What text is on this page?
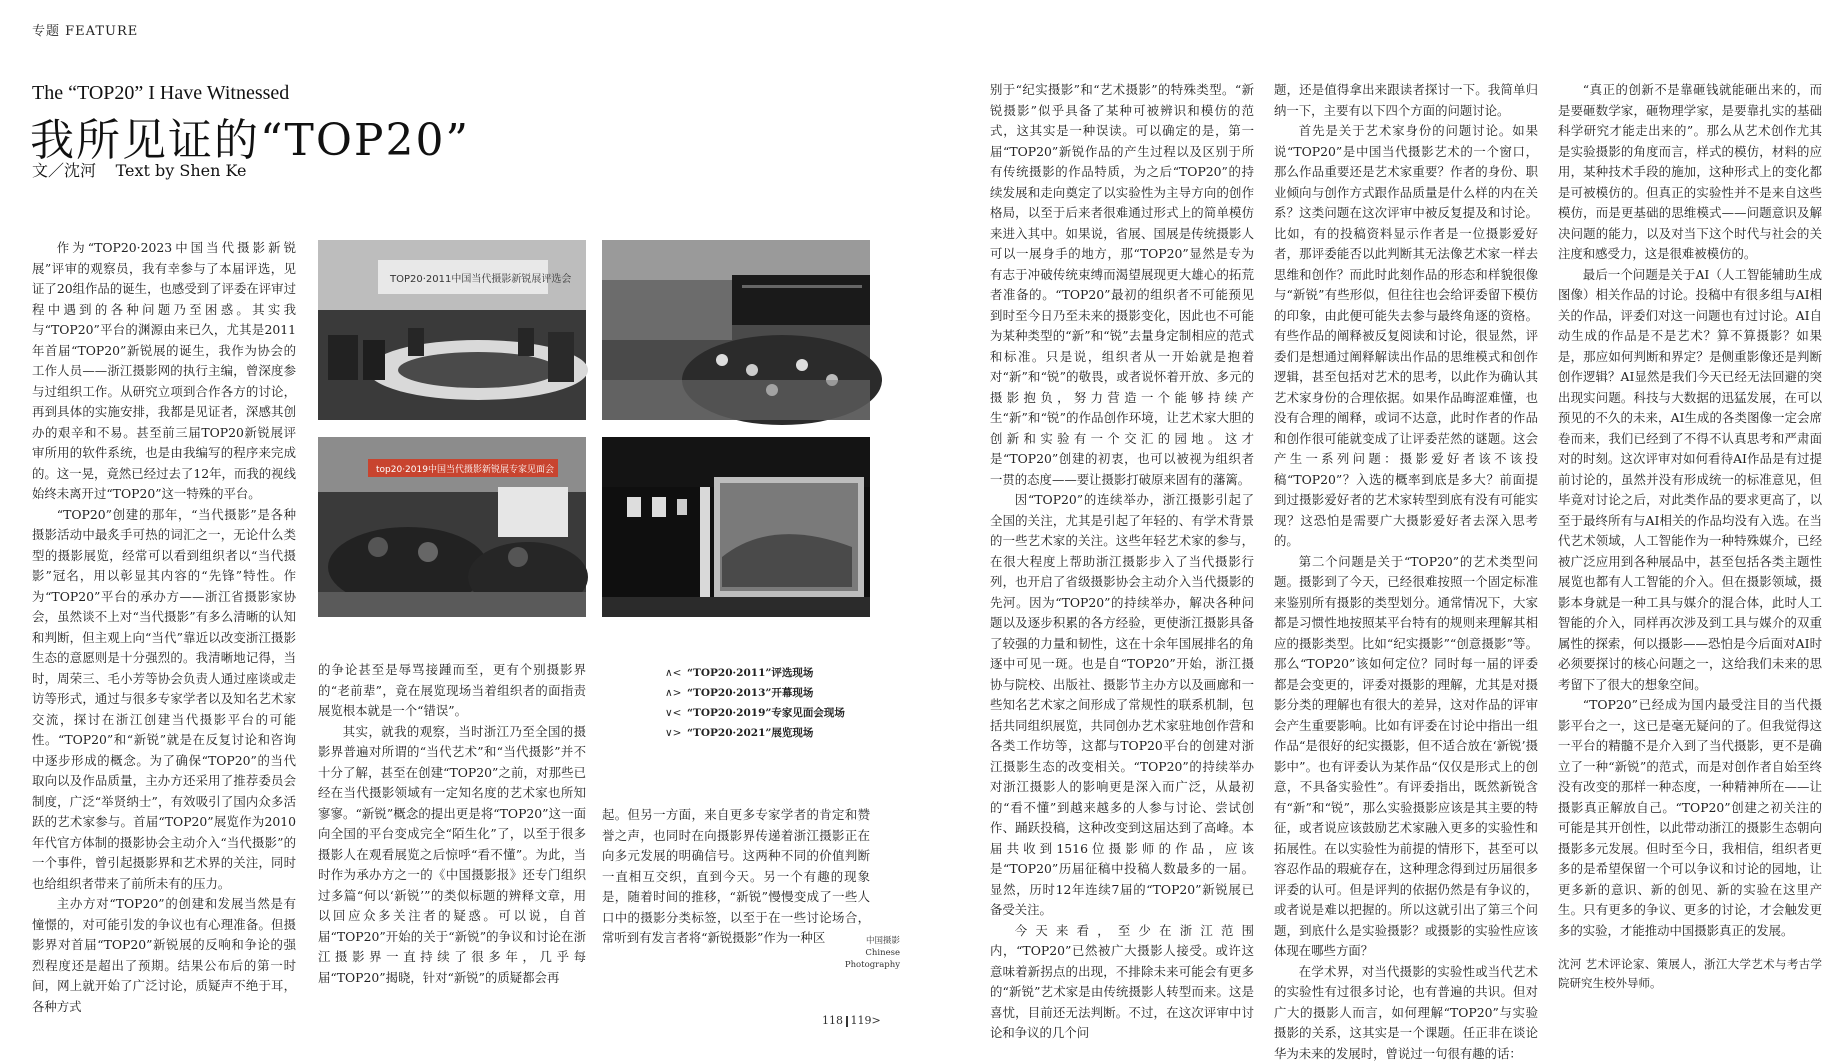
专题 FEATURE
The “TOP20” I Have Witnessed
我所见证的“TOP20”
文／沈河 Text by Shen Ke

作为“TOP20·2023中国当代摄影新锐展”评审的观察员，我有幸参与了本届评选，见证了20组作品的诞生，也感受到了评委在评审过程中遇到的各种问题乃至困惑。其实我与“TOP20”平台的渊源由来已久，尤其是2011年首届“TOP20”新锐展的诞生，我作为协会的工作人员——浙江摄影网的执行主编，曾深度参与过组织工作。从研究立项到合作各方的讨论，再到具体的实施安排，我都是见证者，深感其创办的艰辛和不易。甚至前三届TOP20新锐展评审所用的软件系统，也是由我编写的程序来完成的。这一晃，竟然已经过去了12年，而我的视线始终未离开过“TOP20”这一特殊的平台。

“TOP20”创建的那年，“当代摄影”是各种摄影活动中最炙手可热的词汇之一，无论什么类型的摄影展览，经常可以看到组织者以“当代摄影”冠名，用以彰显其内容的“先锋”特性。作为“TOP20”平台的承办方——浙江省摄影家协会，虽然谈不上对“当代摄影”有多么清晰的认知和判断，但主观上向“当代”靠近以改变浙江摄影生态的意愿则是十分强烈的。我清晰地记得，当时，周荣三、毛小芳等协会负责人通过座谈或走访等形式，通过与很多专家学者以及知名艺术家交流，探讨在浙江创建当代摄影平台的可能性。“TOP20”和“新锐”就是在反复讨论和咨询中逐步形成的概念。为了确保“TOP20”的当代取向以及作品质量，主办方还采用了推荐委员会制度，广泛“举贤纳士”，有效吸引了国内众多活跃的艺术家参与。首届“TOP20”展览作为2010年代官方体制的摄影协会主动介入“当代摄影”的一个事件，曾引起摄影界和艺术界的关注，同时也给组织者带来了前所未有的压力。

主办方对“TOP20”的创建和发展当然是有憧憬的，对可能引发的争议也有心理准备。但摄影界对首届“TOP20”新锐展的反响和争论的强烈程度还是超出了预期。结果公布后的第一时间，网上就开始了广泛讨论，质疑声不绝于耳，各种方式

TOP20·2011中国当代摄影新锐展评选会
top20·2019中国当代摄影新锐展专家见面会

的争论甚至是辱骂接踵而至，更有个别摄影界的“老前辈”，竟在展览现场当着组织者的面指责展览根本就是一个“错误”。

其实，就我的观察，当时浙江乃至全国的摄影界普遍对所谓的“当代艺术”和“当代摄影”并不十分了解，甚至在创建“TOP20”之前，对那些已经在当代摄影领域有一定知名度的艺术家也所知寥寥。“新锐”概念的提出更是将“TOP20”这一面向全国的平台变成完全“陌生化”了，以至于很多摄影人在观看展览之后惊呼“看不懂”。为此，当时作为承办方之一的《中国摄影报》还专门组织过多篇“何以‘新锐’”的类似标题的辨释文章，用以回应众多关注者的疑惑。可以说，自首届“TOP20”开始的关于“新锐”的争议和讨论在浙江摄影界一直持续了很多年，几乎每届“TOP20”揭晓，针对“新锐”的质疑都会再

∧< “TOP20·2011”评选现场
∧> “TOP20·2013”开幕现场
∨< “TOP20·2019”专家见面会现场
∨> “TOP20·2021”展览现场

起。但另一方面，来自更多专家学者的肯定和赞誉之声，也同时在向摄影界传递着浙江摄影正在向多元发展的明确信号。这两种不同的价值判断一直相互交织，直到今天。另一个有趣的现象是，随着时间的推移，“新锐”慢慢变成了一些人口中的摄影分类标签，以至于在一些讨论场合，常听到有发言者将“新锐摄影”作为一种区	中国摄影
Chinese
Photography

别于“纪实摄影”和“艺术摄影”的特殊类型。“新锐摄影”似乎具备了某种可被辨识和模仿的范式，这其实是一种误读。可以确定的是，第一届“TOP20”新锐作品的产生过程以及区别于所有传统摄影的作品特质，为之后“TOP20”的持续发展和走向奠定了以实验性为主导方向的创作格局，以至于后来者很难通过形式上的简单模仿来进入其中。如果说，省展、国展是传统摄影人可以一展身手的地方，那“TOP20”显然是专为有志于冲破传统束缚而渴望展现更大雄心的拓荒者准备的。“TOP20”最初的组织者不可能预见到时至今日乃至未来的摄影变化，因此也不可能为某种类型的“新”和“锐”去量身定制相应的范式和标准。只是说，组织者从一开始就是抱着对“新”和“锐”的敬畏，或者说怀着开放、多元的摄影抱负，努力营造一个能够持续产生“新”和“锐”的作品创作环境，让艺术家大胆的创新和实验有一个交汇的园地。这才是“TOP20”创建的初衷，也可以被视为组织者一贯的态度——要让摄影打破原来固有的藩篱。

因“TOP20”的连续举办，浙江摄影引起了全国的关注，尤其是引起了年轻的、有学术背景的一些艺术家的关注。这些年轻艺术家的参与，在很大程度上帮助浙江摄影步入了当代摄影行列，也开启了省级摄影协会主动介入当代摄影的先河。因为“TOP20”的持续举办，解决各种问题以及逐步积累的各方经验，更使浙江摄影具备了较强的力量和韧性，这在十余年国展排名的角逐中可见一斑。也是自“TOP20”开始，浙江摄协与院校、出版社、摄影节主办方以及画廊和一些知名艺术家之间形成了常规性的联系机制，包括共同组织展览，共同创办艺术家驻地创作营和各类工作坊等，这都与TOP20平台的创建对浙江摄影生态的改变相关。“TOP20”的持续举办对浙江摄影人的影响更是深入而广泛，从最初的“看不懂”到越来越多的人参与讨论、尝试创作、踊跃投稿，这种改变到这届达到了高峰。本届共收到1516位摄影师的作品，应该是“TOP20”历届征稿中投稿人数最多的一届。显然，历时12年连续7届的“TOP20”新锐展已备受关注。

今天来看，至少在浙江范围内，“TOP20”已然被广大摄影人接受。或许这意味着新拐点的出现，不排除未来可能会有更多的“新锐”艺术家是由传统摄影人转型而来。这是喜忧，目前还无法判断。不过，在这次评审中讨论和争议的几个问

题，还是值得拿出来跟读者探讨一下。我简单归纳一下，主要有以下四个方面的问题讨论。

首先是关于艺术家身份的问题讨论。如果说“TOP20”是中国当代摄影艺术的一个窗口，那么作品重要还是艺术家重要？作者的身份、职业倾向与创作方式跟作品质量是什么样的内在关系？这类问题在这次评审中被反复提及和讨论。比如，有的投稿资料显示作者是一位摄影爱好者，那评委能否以此判断其无法像艺术家一样去思维和创作？而此时此刻作品的形态和样貌很像与“新锐”有些形似，但往往也会给评委留下模仿的印象，由此便可能失去参与最终角逐的资格。有些作品的阐释被反复阅读和讨论，很显然，评委们是想通过阐释解读出作品的思维模式和创作逻辑，甚至包括对艺术的思考，以此作为确认其艺术家身份的合理依据。如果作品晦涩难懂，也没有合理的阐释，或词不达意，此时作者的作品和创作很可能就变成了让评委茫然的谜题。这会产生一系列问题：摄影爱好者该不该投稿“TOP20”？入选的概率到底是多大？前面提到过摄影爱好者的艺术家转型到底有没有可能实现？这恐怕是需要广大摄影爱好者去深入思考的。

第二个问题是关于“TOP20”的艺术类型问题。摄影到了今天，已经很难按照一个固定标准来鉴别所有摄影的类型划分。通常情况下，大家都是习惯性地按照某平台特有的规则来理解其相应的摄影类型。比如“纪实摄影”“创意摄影”等。那么“TOP20”该如何定位？同时每一届的评委都是会变更的，评委对摄影的理解，尤其是对摄影分类的理解也有很大的差异，这对作品的评审会产生重要影响。比如有评委在讨论中指出一组作品“是很好的纪实摄影，但不适合放在‘新锐’摄影中”。也有评委认为某作品“仅仅是形式上的创意，不具备实验性”。有评委指出，既然新锐含有“新”和“锐”，那么实验摄影应该是其主要的特征，或者说应该鼓励艺术家融入更多的实验性和拓展性。在以实验性为前提的情形下，甚至可以容忍作品的瑕疵存在，这种理念得到过历届很多评委的认可。但是评判的依据仍然是有争议的，或者说是难以把握的。所以这就引出了第三个问题，到底什么是实验摄影？或摄影的实验性应该体现在哪些方面？

在学术界，对当代摄影的实验性或当代艺术的实验性有过很多讨论，也有普遍的共识。但对广大的摄影人而言，如何理解“TOP20”与实验摄影的关系，这其实是一个课题。任正非在谈论华为未来的发展时，曾说过一句很有趣的话：

“真正的创新不是靠砸钱就能砸出来的，而是要砸数学家，砸物理学家，是要靠扎实的基础科学研究才能走出来的”。那么从艺术创作尤其是实验摄影的角度而言，样式的模仿，材料的应用，某种技术手段的施加，这种形式上的变化都是可被模仿的。但真正的实验性并不是来自这些模仿，而是更基础的思维模式——问题意识及解决问题的能力，以及对当下这个时代与社会的关注度和感受力，这是很难被模仿的。

最后一个问题是关于AI（人工智能辅助生成图像）相关作品的讨论。投稿中有很多组与AI相关的作品，评委们对这一问题也有过讨论。AI自动生成的作品是不是艺术？算不算摄影？如果是，那应如何判断和界定？是侧重影像还是判断创作逻辑？AI显然是我们今天已经无法回避的突出现实问题。科技与大数据的迅猛发展，在可以预见的不久的未来，AI生成的各类图像一定会席卷而来，我们已经到了不得不认真思考和严肃面对的时刻。这次评审对如何看待AI作品是有过提前讨论的，虽然并没有形成统一的标准意见，但毕竟对讨论之后，对此类作品的要求更高了，以至于最终所有与AI相关的作品均没有入选。在当代艺术领域，人工智能作为一种特殊媒介，已经被广泛应用到各种展品中，甚至包括各类主题性展览也都有人工智能的介入。但在摄影领域，摄影本身就是一种工具与媒介的混合体，此时人工智能的介入，同样再次涉及到工具与媒介的双重属性的探索，何以摄影——恐怕是今后面对AI时必须要探讨的核心问题之一，这给我们未来的思考留下了很大的想象空间。

“TOP20”已经成为国内最受注目的当代摄影平台之一，这已是毫无疑问的了。但我觉得这一平台的精髓不是介入到了当代摄影，更不是确立了一种“新锐”的范式，而是对创作者自始至终没有改变的那样一种态度，一种精神所在——让摄影真正解放自己。“TOP20”创建之初关注的可能是其开创性，以此带动浙江的摄影生态朝向摄影多元发展。但时至今日，我相信，组织者更多的是希望保留一个可以争议和讨论的园地，让更多新的意识、新的创见、新的实验在这里产生。只有更多的争议、更多的讨论，才会触发更多的实验，才能推动中国摄影真正的发展。

沈河 艺术评论家、策展人，浙江大学艺术与考古学院研究生校外导师。

118 119>
